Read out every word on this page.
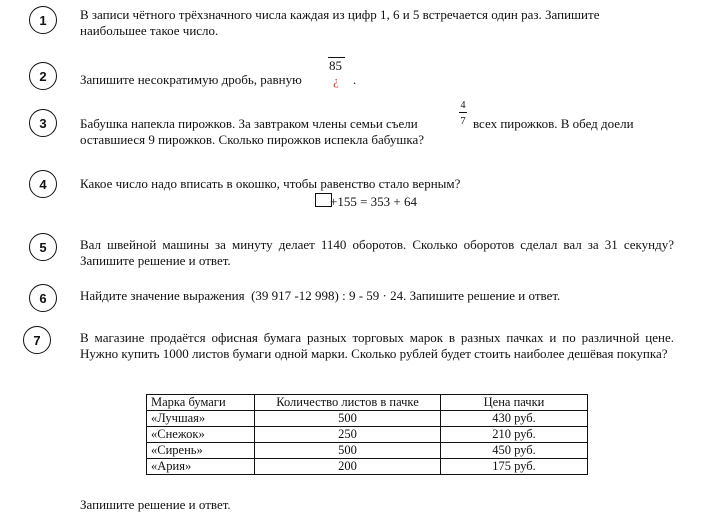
1	В записи чётного трёхзначного числа каждая из цифр 1, 6 и 5 встречается один раз. Запишите
наибольшее такое число.
2	Запишите несократимую дробь, равную
85
¿ .
3	Бабушка напекла пирожков. За завтраком члены семьи съели
4
7 всех пирожков. В обед доели
оставшиеся 9 пирожков. Сколько пирожков испекла бабушка?
4	Какое число надо вписать в окошко, чтобы равенство стало верным?
+155 = 353 + 64
5	Вал швейной машины за минуту делает 1140 оборотов. Сколько оборотов сделал вал за 31 секунду? Запишите решение и ответ.
6	Найдите значение выражения (39 917 -12 998) : 9 - 59 · 24. Запишите решение и ответ.
7	В магазине продаётся офисная бумага разных торговых марок в разных пачках и по различной цене. Нужно купить 1000 листов бумаги одной марки. Сколько рублей будет стоить наиболее дешёвая покупка?
Марка бумаги	Количество листов в пачке	Цена пачки
«Лучшая»	500	430 руб.
«Снежок»	250	210 руб.
«Сирень»	500	450 руб.
«Ария»	200	175 руб.
Запишите решение и ответ.
